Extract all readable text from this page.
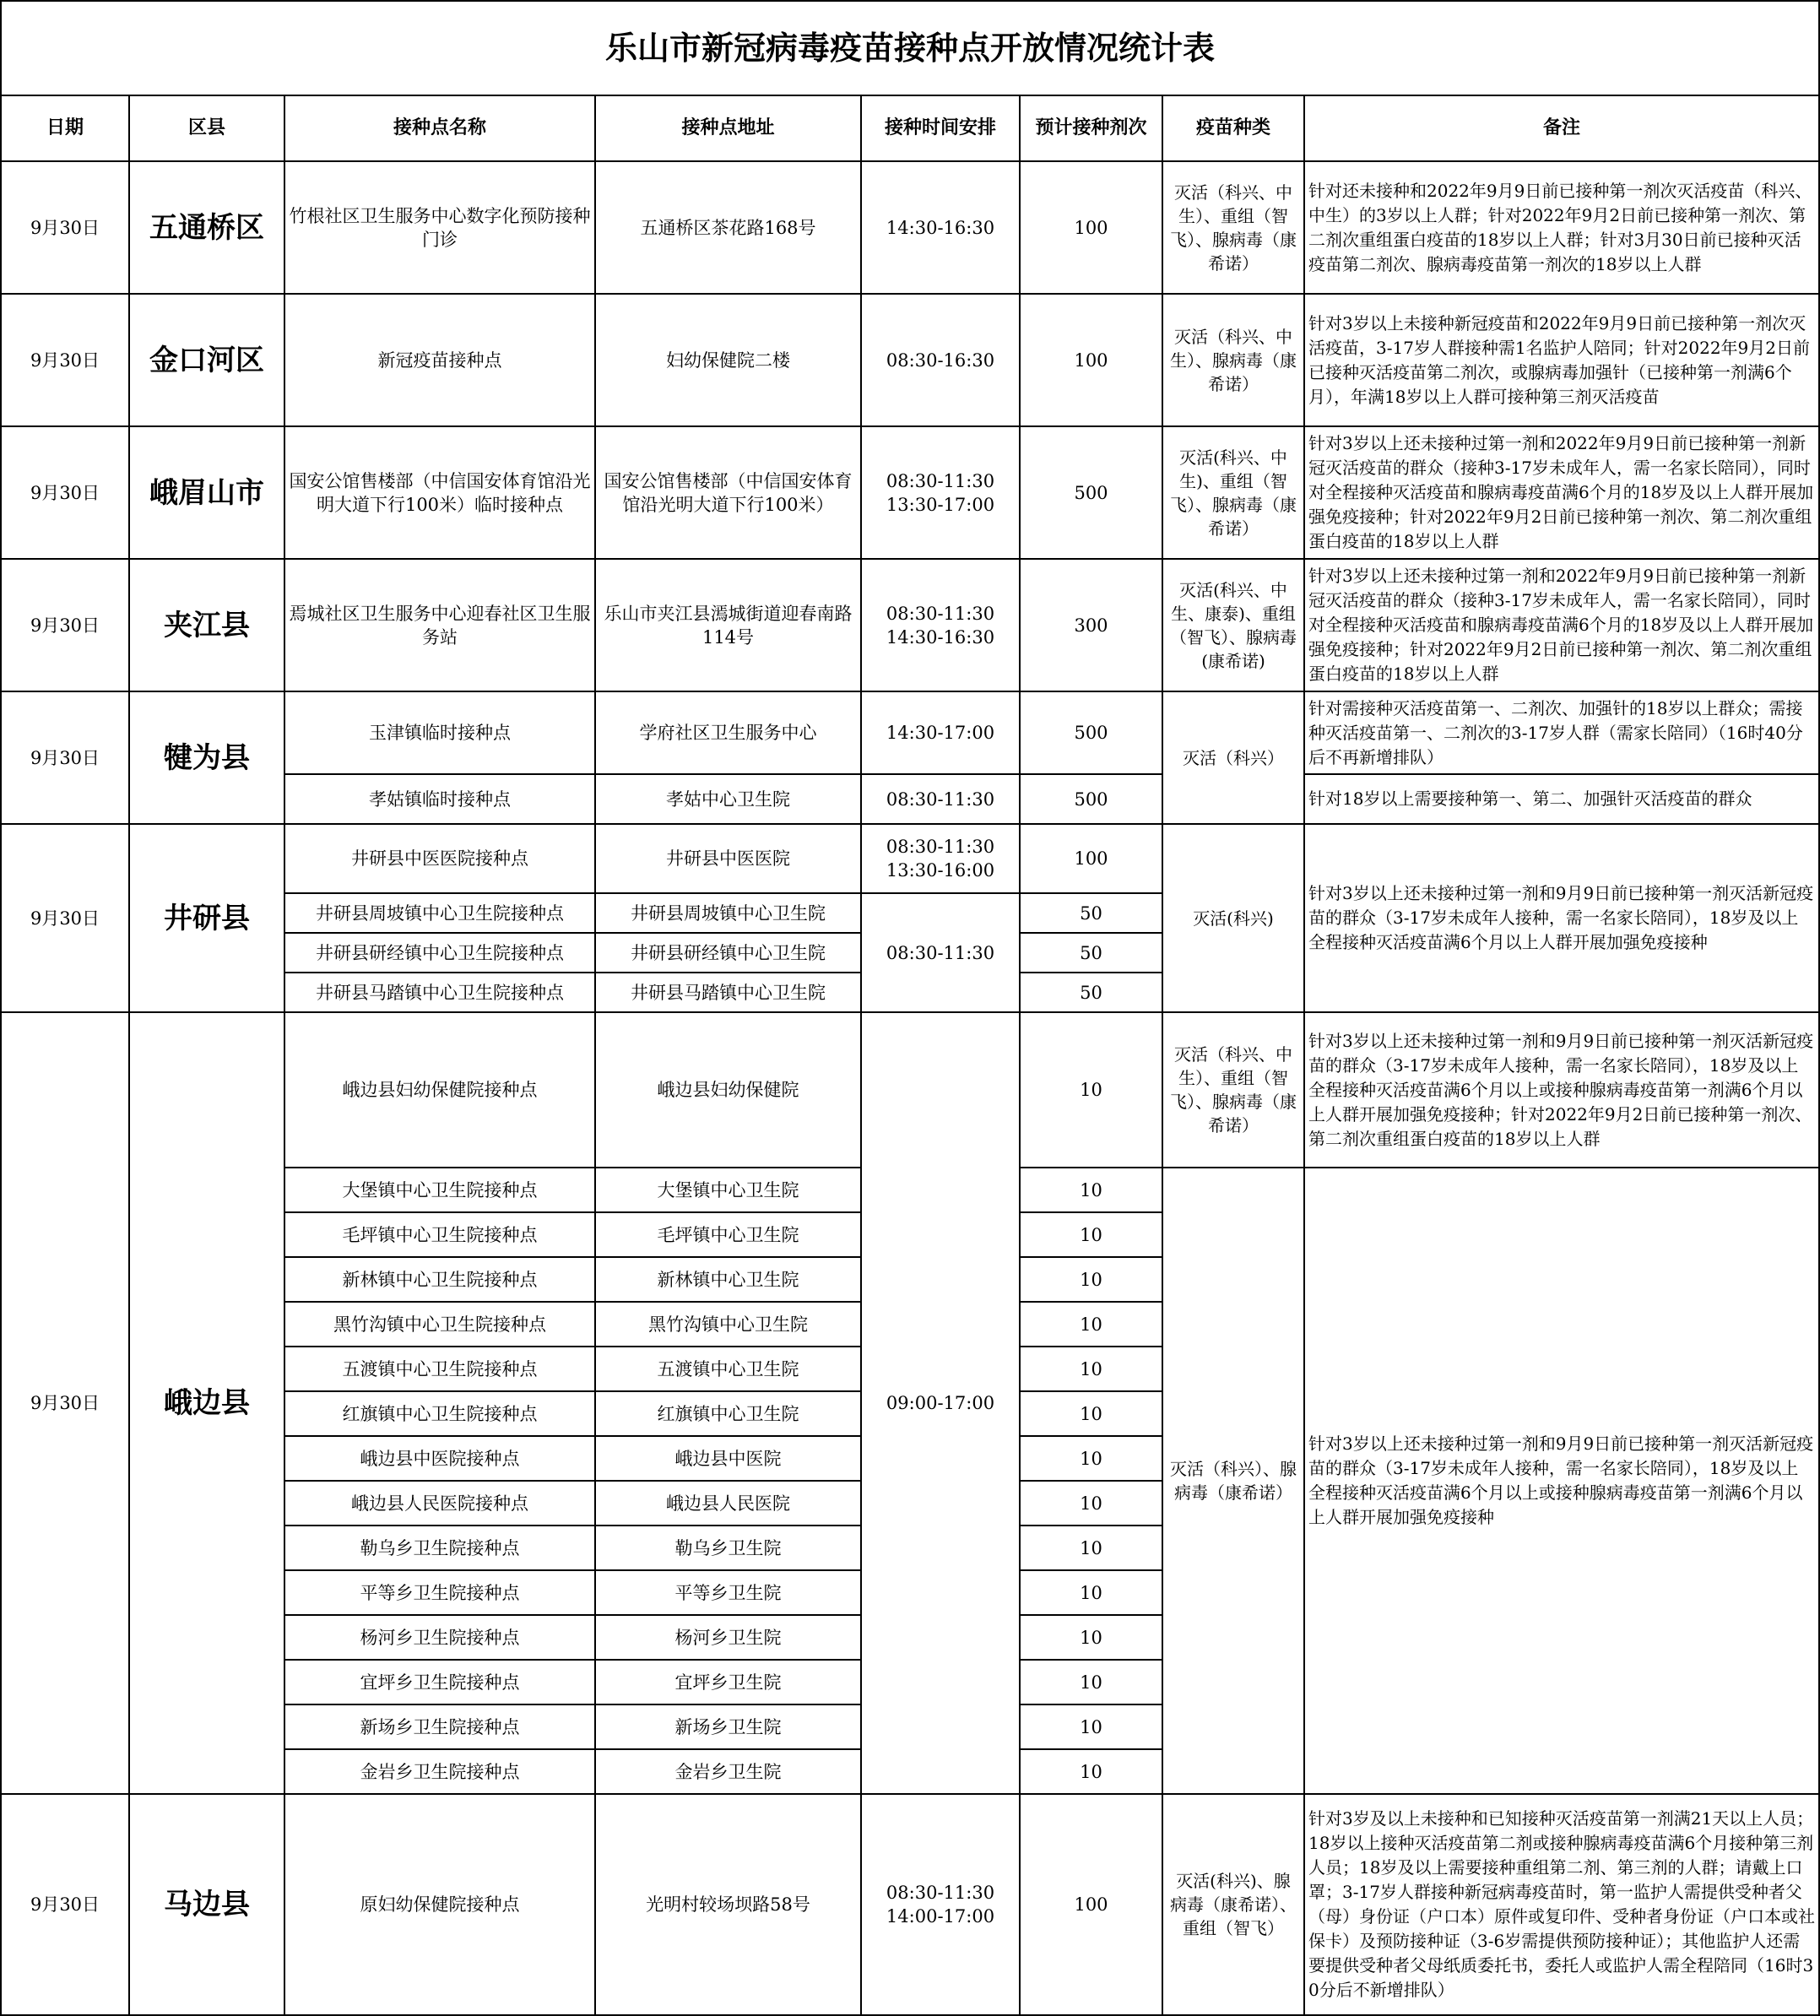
乐山市新冠病毒疫苗接种点开放情况统计表							
日期	区县	接种点名称	接种点地址	接种时间安排	预计接种剂次	疫苗种类	备注
9月30日	五通桥区	竹根社区卫生服务中心数字化预防接种门诊	五通桥区茶花路168号	14:30-16:30	100	灭活（科兴、中生）、重组（智飞）、腺病毒（康希诺）	针对还未接种和2022年9月9日前已接种第一剂次灭活疫苗（科兴、中生）的3岁以上人群；针对2022年9月2日前已接种第一剂次、第二剂次重组蛋白疫苗的18岁以上人群；针对3月30日前已接种灭活疫苗第二剂次、腺病毒疫苗第一剂次的18岁以上人群
9月30日	金口河区	新冠疫苗接种点	妇幼保健院二楼	08:30-16:30	100	灭活（科兴、中生）、腺病毒（康希诺）	针对3岁以上未接种新冠疫苗和2022年9月9日前已接种第一剂次灭活疫苗，3-17岁人群接种需1名监护人陪同；针对2022年9月2日前已接种灭活疫苗第二剂次，或腺病毒加强针（已接种第一剂满6个月），年满18岁以上人群可接种第三剂灭活疫苗
9月30日	峨眉山市	国安公馆售楼部（中信国安体育馆沿光明大道下行100米）临时接种点	国安公馆售楼部（中信国安体育馆沿光明大道下行100米）	08:30-11:30
13:30-17:00	500	灭活(科兴、中生)、重组（智飞）、腺病毒（康希诺）	针对3岁以上还未接种过第一剂和2022年9月9日前已接种第一剂新冠灭活疫苗的群众（接种3-17岁未成年人，需一名家长陪同），同时对全程接种灭活疫苗和腺病毒疫苗满6个月的18岁及以上人群开展加强免疫接种；针对2022年9月2日前已接种第一剂次、第二剂次重组蛋白疫苗的18岁以上人群
9月30日	夹江县	焉城社区卫生服务中心迎春社区卫生服务站	乐山市夹江县漹城街道迎春南路114号	08:30-11:30
14:30-16:30	300	灭活(科兴、中生、康泰)、重组（智飞）、腺病毒(康希诺)	针对3岁以上还未接种过第一剂和2022年9月9日前已接种第一剂新冠灭活疫苗的群众（接种3-17岁未成年人，需一名家长陪同），同时对全程接种灭活疫苗和腺病毒疫苗满6个月的18岁及以上人群开展加强免疫接种；针对2022年9月2日前已接种第一剂次、第二剂次重组蛋白疫苗的18岁以上人群
9月30日	犍为县	玉津镇临时接种点	学府社区卫生服务中心	14:30-17:00	500	灭活（科兴）	针对需接种灭活疫苗第一、二剂次、加强针的18岁以上群众；需接种灭活疫苗第一、二剂次的3-17岁人群（需家长陪同）（16时40分后不再新增排队）
		孝姑镇临时接种点	孝姑中心卫生院	08:30-11:30	500		针对18岁以上需要接种第一、第二、加强针灭活疫苗的群众
9月30日	井研县	井研县中医医院接种点	井研县中医医院	08:30-11:30
13:30-16:00	100	灭活(科兴)	针对3岁以上还未接种过第一剂和9月9日前已接种第一剂灭活新冠疫苗的群众（3-17岁未成年人接种，需一名家长陪同），18岁及以上全程接种灭活疫苗满6个月以上人群开展加强免疫接种
		井研县周坡镇中心卫生院接种点	井研县周坡镇中心卫生院	08:30-11:30	50		
		井研县研经镇中心卫生院接种点	井研县研经镇中心卫生院		50		
		井研县马踏镇中心卫生院接种点	井研县马踏镇中心卫生院		50		
9月30日	峨边县	峨边县妇幼保健院接种点	峨边县妇幼保健院	09:00-17:00	10	灭活（科兴、中生）、重组（智飞）、腺病毒（康希诺）	针对3岁以上还未接种过第一剂和9月9日前已接种第一剂灭活新冠疫苗的群众（3-17岁未成年人接种，需一名家长陪同），18岁及以上全程接种灭活疫苗满6个月以上或接种腺病毒疫苗第一剂满6个月以上人群开展加强免疫接种；针对2022年9月2日前已接种第一剂次、第二剂次重组蛋白疫苗的18岁以上人群
		大堡镇中心卫生院接种点	大堡镇中心卫生院		10	灭活（科兴）、腺病毒（康希诺）	针对3岁以上还未接种过第一剂和9月9日前已接种第一剂灭活新冠疫苗的群众（3-17岁未成年人接种，需一名家长陪同），18岁及以上全程接种灭活疫苗满6个月以上或接种腺病毒疫苗第一剂满6个月以上人群开展加强免疫接种
		毛坪镇中心卫生院接种点	毛坪镇中心卫生院		10		
		新林镇中心卫生院接种点	新林镇中心卫生院		10		
		黑竹沟镇中心卫生院接种点	黑竹沟镇中心卫生院		10		
		五渡镇中心卫生院接种点	五渡镇中心卫生院		10		
		红旗镇中心卫生院接种点	红旗镇中心卫生院		10		
		峨边县中医院接种点	峨边县中医院		10		
		峨边县人民医院接种点	峨边县人民医院		10		
		勒乌乡卫生院接种点	勒乌乡卫生院		10		
		平等乡卫生院接种点	平等乡卫生院		10		
		杨河乡卫生院接种点	杨河乡卫生院		10		
		宜坪乡卫生院接种点	宜坪乡卫生院		10		
		新场乡卫生院接种点	新场乡卫生院		10		
		金岩乡卫生院接种点	金岩乡卫生院		10		
9月30日	马边县	原妇幼保健院接种点	光明村较场坝路58号	08:30-11:30
14:00-17:00	100	灭活(科兴)、腺病毒（康希诺）、重组（智飞）	针对3岁及以上未接种和已知接种灭活疫苗第一剂满21天以上人员；18岁以上接种灭活疫苗第二剂或接种腺病毒疫苗满6个月接种第三剂人员；18岁及以上需要接种重组第二剂、第三剂的人群；请戴上口罩；3-17岁人群接种新冠病毒疫苗时，第一监护人需提供受种者父（母）身份证（户口本）原件或复印件、受种者身份证（户口本或社保卡）及预防接种证（3-6岁需提供预防接种证）；其他监护人还需要提供受种者父母纸质委托书，委托人或监护人需全程陪同（16时30分后不新增排队）
